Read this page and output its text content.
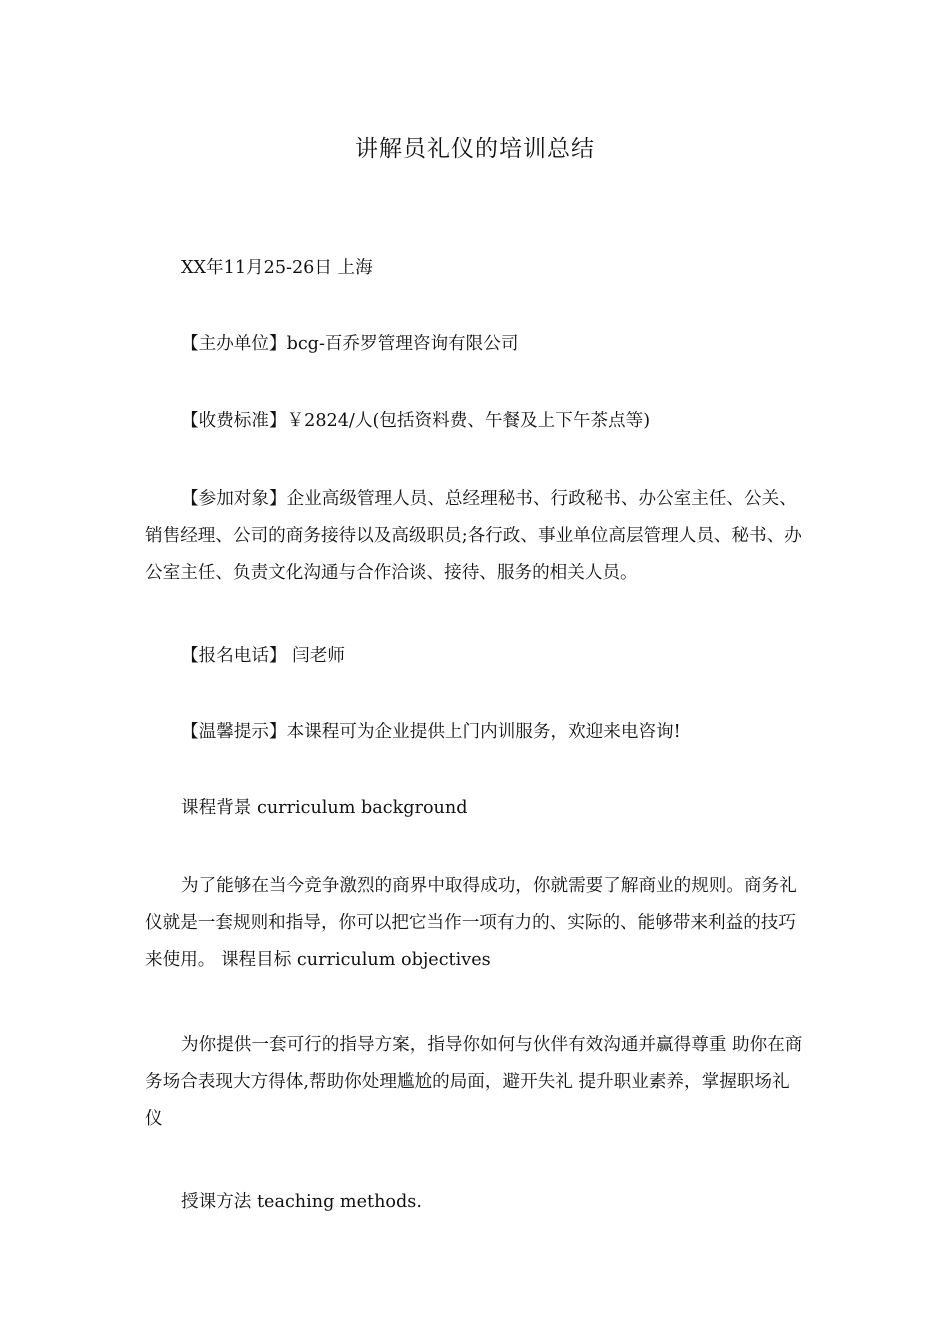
讲解员礼仪的培训总结
XX年11月25-26日 上海
【主办单位】bcg-百乔罗管理咨询有限公司
【收费标准】￥2824/人(包括资料费、午餐及上下午茶点等)
【参加对象】企业高级管理人员、总经理秘书、行政秘书、办公室主任、公关、销售经理、公司的商务接待以及高级职员;各行政、事业单位高层管理人员、秘书、办公室主任、负责文化沟通与合作洽谈、接待、服务的相关人员。
【报名电话】 闫老师
【温馨提示】本课程可为企业提供上门内训服务，欢迎来电咨询!
课程背景 curriculum background
为了能够在当今竞争激烈的商界中取得成功，你就需要了解商业的规则。商务礼仪就是一套规则和指导，你可以把它当作一项有力的、实际的、能够带来利益的技巧来使用。 课程目标 curriculum objectives
为你提供一套可行的指导方案，指导你如何与伙伴有效沟通并赢得尊重 助你在商务场合表现大方得体,帮助你处理尴尬的局面，避开失礼 提升职业素养，掌握职场礼仪
授课方法 teaching methods.
